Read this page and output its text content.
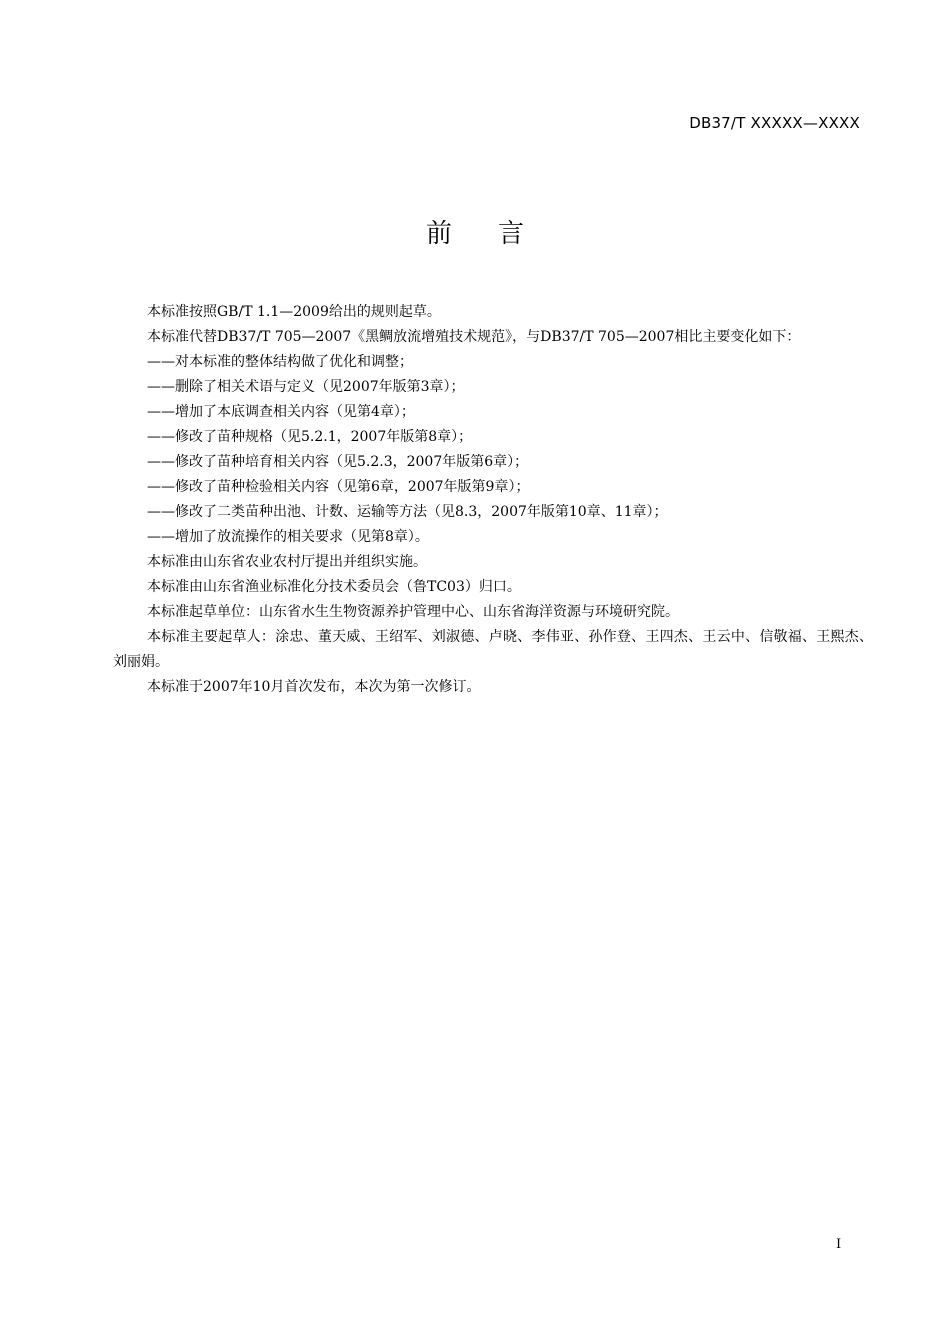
DB37/T XXXXX—XXXX
前言

本标准按照GB/T 1.1—2009给出的规则起草。

本标准代替DB37/T 705—2007《黑鲷放流增殖技术规范》，与DB37/T 705—2007相比主要变化如下：

——对本标准的整体结构做了优化和调整；

——删除了相关术语与定义（见2007年版第3章）；

——增加了本底调查相关内容（见第4章）；

——修改了苗种规格（见5.2.1，2007年版第8章）；

——修改了苗种培育相关内容（见5.2.3，2007年版第6章）；

——修改了苗种检验相关内容（见第6章，2007年版第9章）；

——修改了二类苗种出池、计数、运输等方法（见8.3，2007年版第10章、11章）；

——增加了放流操作的相关要求（见第8章）。

本标准由山东省农业农村厅提出并组织实施。

本标准由山东省渔业标准化分技术委员会（鲁TC03）归口。

本标准起草单位：山东省水生生物资源养护管理中心、山东省海洋资源与环境研究院。

本标准主要起草人：涂忠、董天威、王绍军、刘淑德、卢晓、李伟亚、孙作登、王四杰、王云中、信敬福、王熙杰、刘丽娟。

本标准于2007年10月首次发布，本次为第一次修订。

I
